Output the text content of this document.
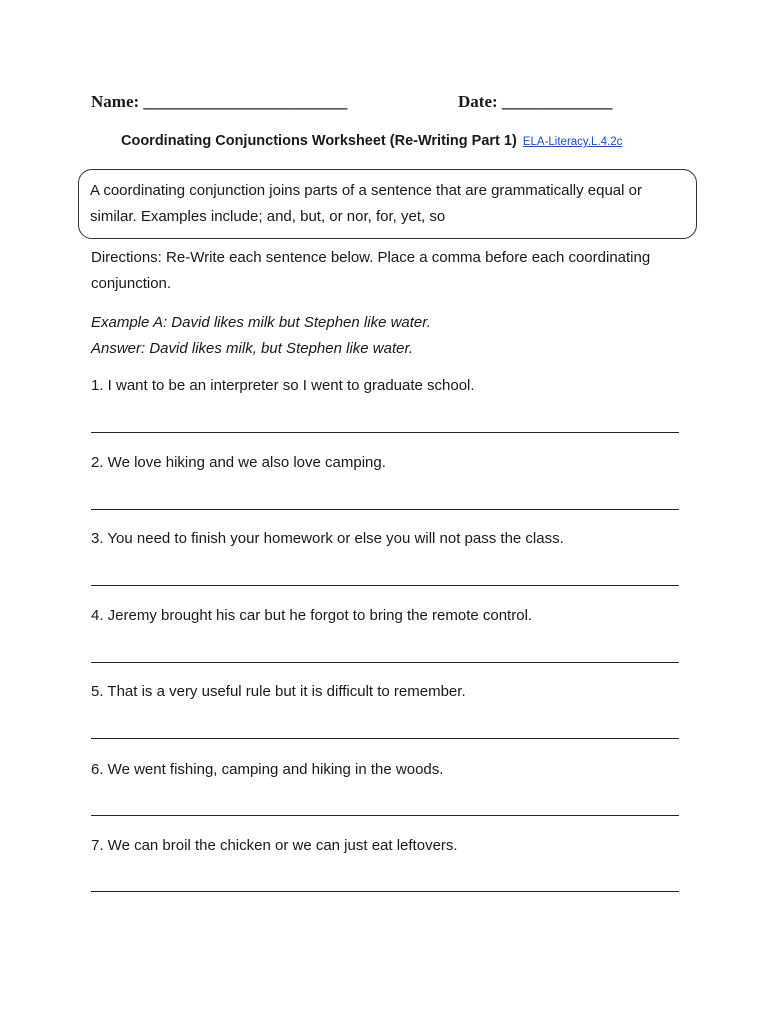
Name: ________________________	Date: _____________
Coordinating Conjunctions Worksheet (Re-Writing Part 1) ELA-Literacy.L.4.2c
A coordinating conjunction joins parts of a sentence that are grammatically equal or similar. Examples include; and, but, or nor, for, yet, so
Directions: Re-Write each sentence below. Place a comma before each coordinating conjunction.
Example A: David likes milk but Stephen like water.
Answer: David likes milk, but Stephen like water.
1. I want to be an interpreter so I went to graduate school.
2. We love hiking and we also love camping.
3. You need to finish your homework or else you will not pass the class.
4. Jeremy brought his car but he forgot to bring the remote control.
5. That is a very useful rule but it is difficult to remember.
6. We went fishing, camping and hiking in the woods.
7. We can broil the chicken or we can just eat leftovers.
